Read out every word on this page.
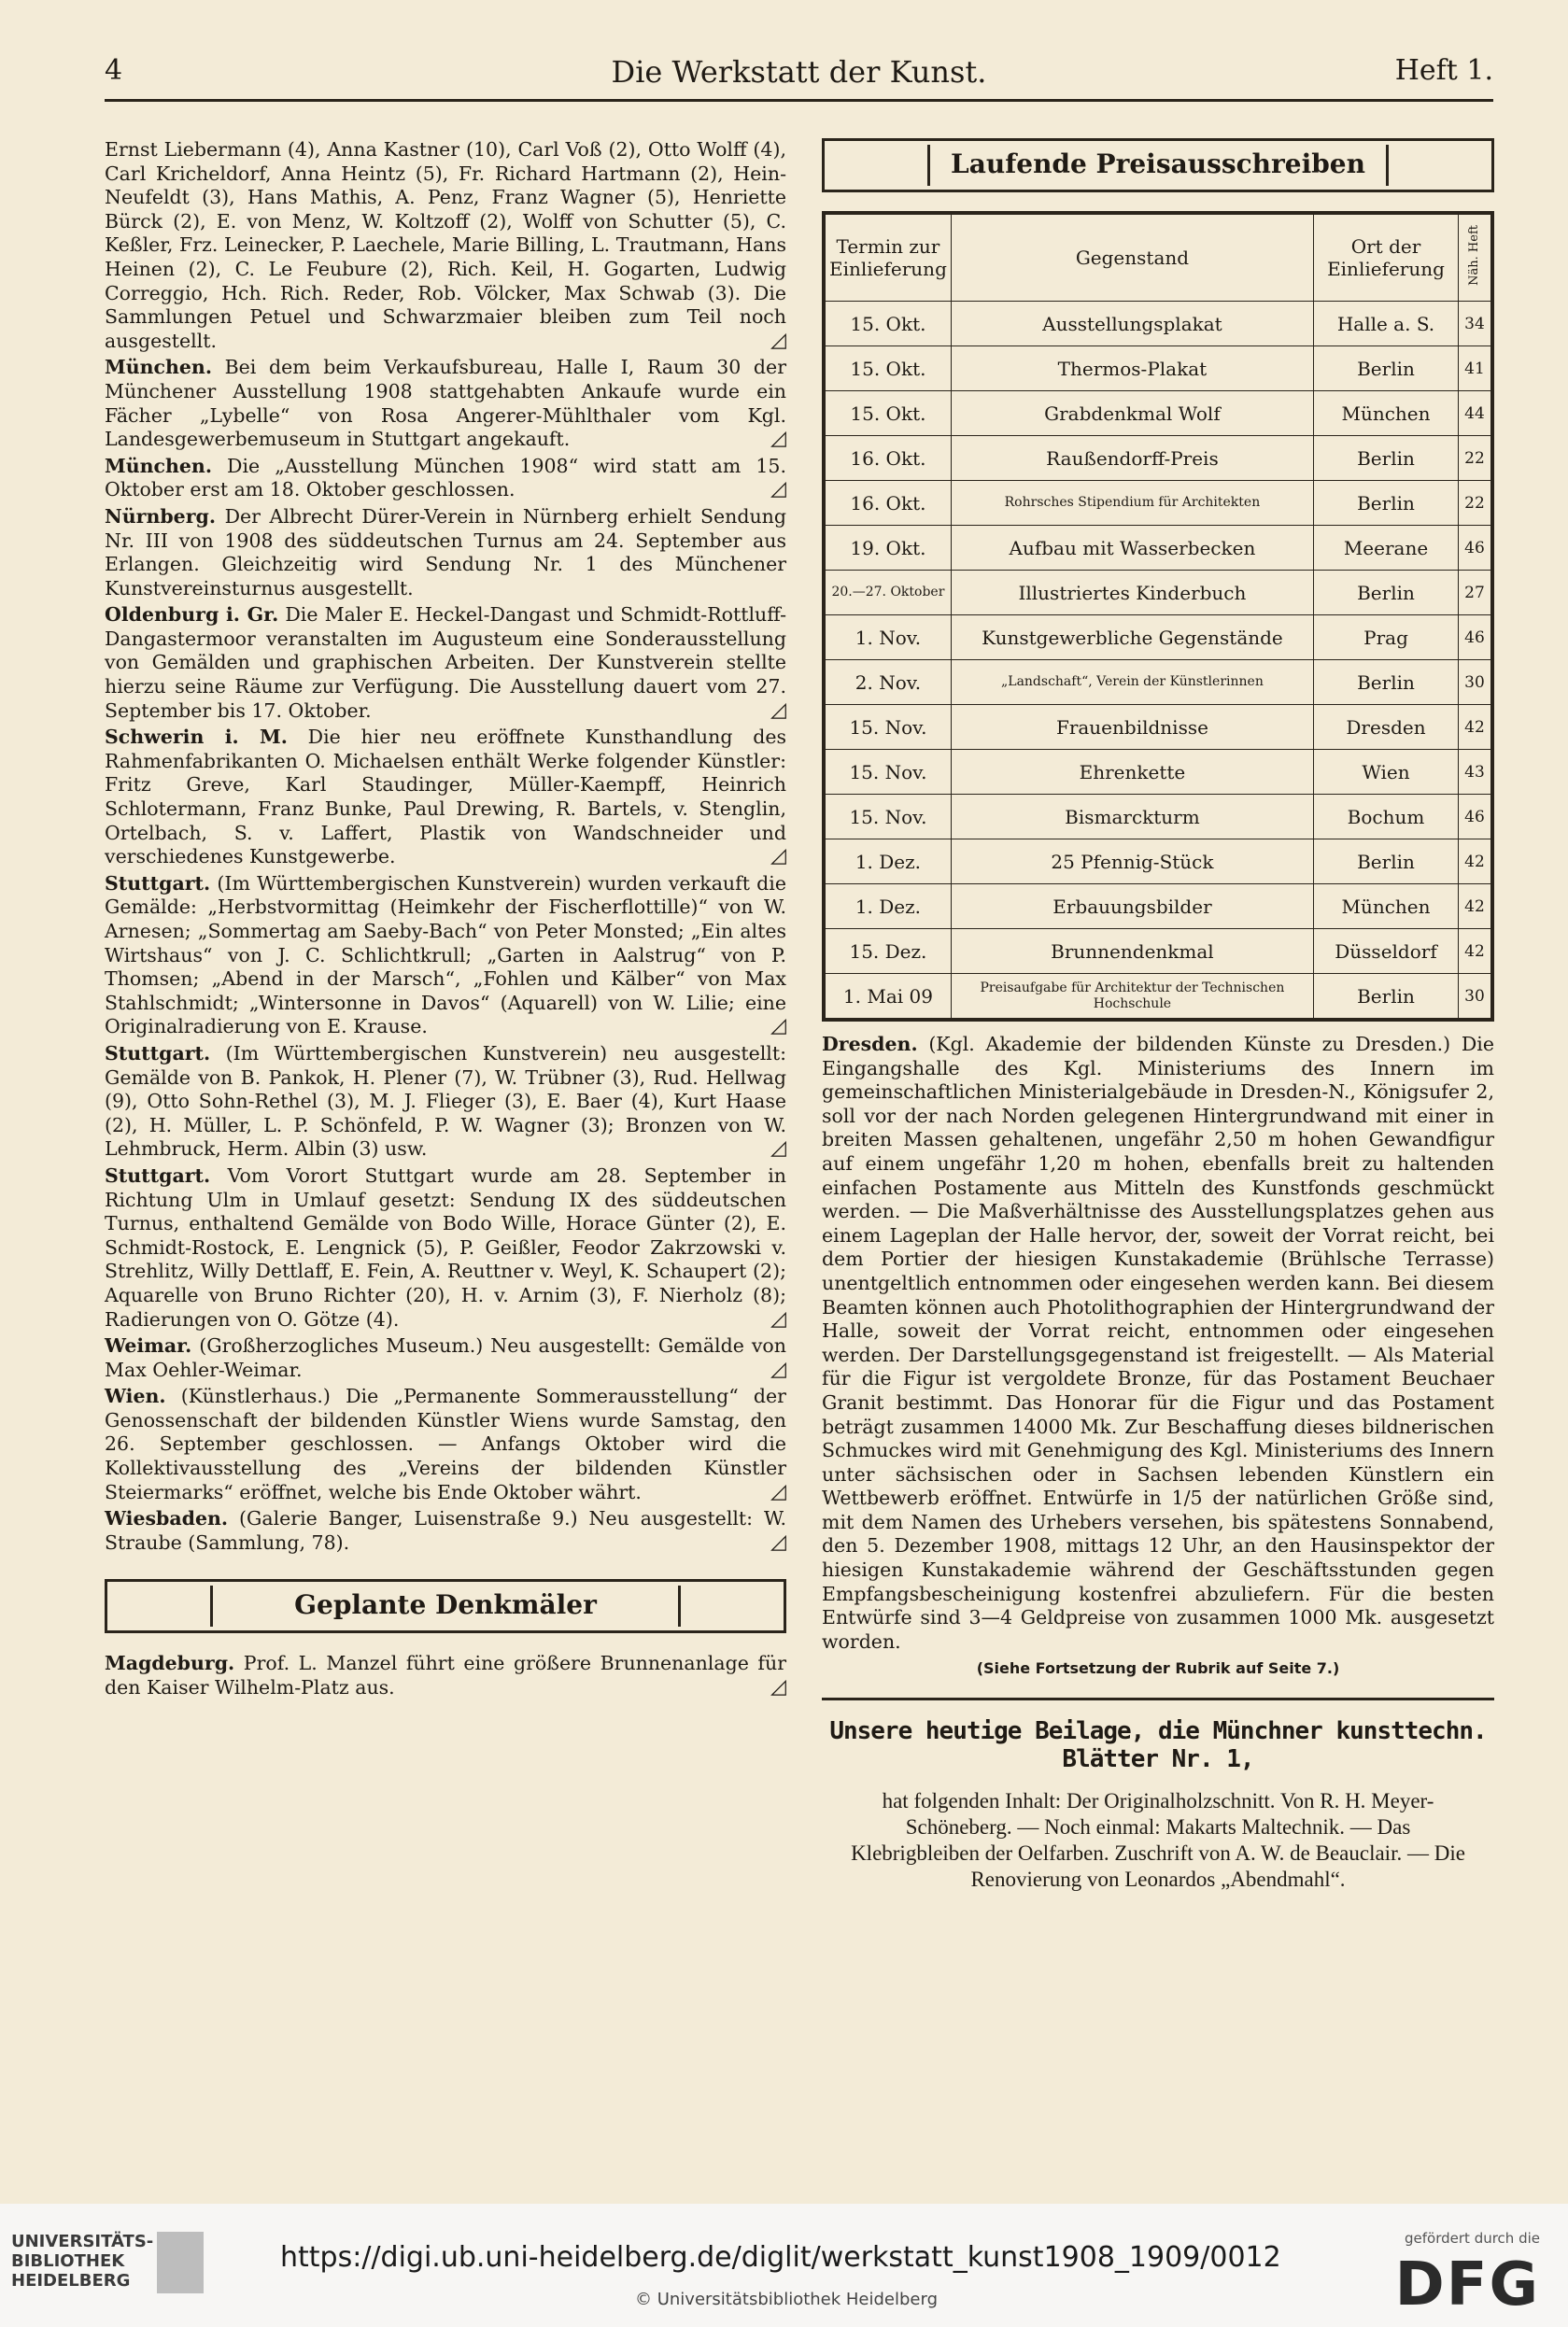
4	Die Werkstatt der Kunst.	Heft 1.

Ernst Liebermann (4), Anna Kastner (10), Carl Voß (2), Otto Wolff (4), Carl Kricheldorf, Anna Heintz (5), Fr. Richard Hartmann (2), Hein-Neufeldt (3), Hans Mathis, A. Penz, Franz Wagner (5), Henriette Bürck (2), E. von Menz, W. Koltzoff (2), Wolff von Schutter (5), C. Keßler, Frz. Leinecker, P. Laechele, Marie Billing, L. Trautmann, Hans Heinen (2), C. Le Feubure (2), Rich. Keil, H. Gogarten, Ludwig Correggio, Hch. Rich. Reder, Rob. Völcker, Max Schwab (3). Die Sammlungen Petuel und Schwarzmaier bleiben zum Teil noch ausgestellt.	◿

München. Bei dem beim Verkaufsbureau, Halle I, Raum 30 der Münchener Ausstellung 1908 stattgehabten Ankaufe wurde ein Fächer „Lybelle“ von Rosa Angerer-Mühlthaler vom Kgl. Landesgewerbemuseum in Stuttgart angekauft.	◿

München. Die „Ausstellung München 1908“ wird statt am 15. Oktober erst am 18. Oktober geschlossen.	◿

Nürnberg. Der Albrecht Dürer-Verein in Nürnberg erhielt Sendung Nr. III von 1908 des süddeutschen Turnus am 24. September aus Erlangen. Gleichzeitig wird Sendung Nr. 1 des Münchener Kunstvereinsturnus ausgestellt.

Oldenburg i. Gr. Die Maler E. Heckel-Dangast und Schmidt-Rottluff-Dangastermoor veranstalten im Augusteum eine Sonderausstellung von Gemälden und graphischen Arbeiten. Der Kunstverein stellte hierzu seine Räume zur Verfügung. Die Ausstellung dauert vom 27. September bis 17. Oktober.	◿

Schwerin i. M. Die hier neu eröffnete Kunsthandlung des Rahmenfabrikanten O. Michaelsen enthält Werke folgender Künstler: Fritz Greve, Karl Staudinger, Müller-Kaempff, Heinrich Schlotermann, Franz Bunke, Paul Drewing, R. Bartels, v. Stenglin, Ortelbach, S. v. Laffert, Plastik von Wandschneider und verschiedenes Kunstgewerbe.	◿

Stuttgart. (Im Württembergischen Kunstverein) wurden verkauft die Gemälde: „Herbstvormittag (Heimkehr der Fischerflottille)“ von W. Arnesen; „Sommertag am Saeby-Bach“ von Peter Monsted; „Ein altes Wirtshaus“ von J. C. Schlichtkrull; „Garten in Aalstrug“ von P. Thomsen; „Abend in der Marsch“, „Fohlen und Kälber“ von Max Stahlschmidt; „Wintersonne in Davos“ (Aquarell) von W. Lilie; eine Originalradierung von E. Krause.	◿

Stuttgart. (Im Württembergischen Kunstverein) neu ausgestellt: Gemälde von B. Pankok, H. Plener (7), W. Trübner (3), Rud. Hellwag (9), Otto Sohn-Rethel (3), M. J. Flieger (3), E. Baer (4), Kurt Haase (2), H. Müller, L. P. Schönfeld, P. W. Wagner (3); Bronzen von W. Lehmbruck, Herm. Albin (3) usw.	◿

Stuttgart. Vom Vorort Stuttgart wurde am 28. September in Richtung Ulm in Umlauf gesetzt: Sendung IX des süddeutschen Turnus, enthaltend Gemälde von Bodo Wille, Horace Günter (2), E. Schmidt-Rostock, E. Lengnick (5), P. Geißler, Feodor Zakrzowski v. Strehlitz, Willy Dettlaff, E. Fein, A. Reuttner v. Weyl, K. Schaupert (2); Aquarelle von Bruno Richter (20), H. v. Arnim (3), F. Nierholz (8); Radierungen von O. Götze (4).	◿

Weimar. (Großherzogliches Museum.) Neu ausgestellt: Gemälde von Max Oehler-Weimar.	◿

Wien. (Künstlerhaus.) Die „Permanente Sommerausstellung“ der Genossenschaft der bildenden Künstler Wiens wurde Samstag, den 26. September geschlossen. — Anfangs Oktober wird die Kollektivausstellung des „Vereins der bildenden Künstler Steiermarks“ eröffnet, welche bis Ende Oktober währt.	◿

Wiesbaden. (Galerie Banger, Luisenstraße 9.) Neu ausgestellt: W. Straube (Sammlung, 78).	◿

Geplante Denkmäler

Magdeburg. Prof. L. Manzel führt eine größere Brunnenanlage für den Kaiser Wilhelm-Platz aus.	◿

Laufende Preisausschreiben
Termin zur Einlieferung	Gegenstand	Ort der Einlieferung	Näh. Heft
15. Okt.	Ausstellungsplakat	Halle a. S.	34
15. Okt.	Thermos-Plakat	Berlin	41
15. Okt.	Grabdenkmal Wolf	München	44
16. Okt.	Raußendorff-Preis	Berlin	22
16. Okt.	Rohrsches Stipendium für Architekten	Berlin	22
19. Okt.	Aufbau mit Wasserbecken	Meerane	46
20.—27. Oktober	Illustriertes Kinderbuch	Berlin	27
1. Nov.	Kunstgewerbliche Gegenstände	Prag	46
2. Nov.	„Landschaft“, Verein der Künstlerinnen	Berlin	30
15. Nov.	Frauenbildnisse	Dresden	42
15. Nov.	Ehrenkette	Wien	43
15. Nov.	Bismarckturm	Bochum	46
1. Dez.	25 Pfennig-Stück	Berlin	42
1. Dez.	Erbauungsbilder	München	42
15. Dez.	Brunnendenkmal	Düsseldorf	42
1. Mai 09	Preisaufgabe für Architektur der Technischen Hochschule	Berlin	30

Dresden. (Kgl. Akademie der bildenden Künste zu Dresden.) Die Eingangshalle des Kgl. Ministeriums des Innern im gemeinschaftlichen Ministerialgebäude in Dresden-N., Königsufer 2, soll vor der nach Norden gelegenen Hintergrundwand mit einer in breiten Massen gehaltenen, ungefähr 2,50 m hohen Gewandfigur auf einem ungefähr 1,20 m hohen, ebenfalls breit zu haltenden einfachen Postamente aus Mitteln des Kunstfonds geschmückt werden. — Die Maßverhältnisse des Ausstellungsplatzes gehen aus einem Lageplan der Halle hervor, der, soweit der Vorrat reicht, bei dem Portier der hiesigen Kunstakademie (Brühlsche Terrasse) unentgeltlich entnommen oder eingesehen werden kann. Bei diesem Beamten können auch Photolithographien der Hintergrundwand der Halle, soweit der Vorrat reicht, entnommen oder eingesehen werden. Der Darstellungsgegenstand ist freigestellt. — Als Material für die Figur ist vergoldete Bronze, für das Postament Beuchaer Granit bestimmt. Das Honorar für die Figur und das Postament beträgt zusammen 14000 Mk. Zur Beschaffung dieses bildnerischen Schmuckes wird mit Genehmigung des Kgl. Ministeriums des Innern unter sächsischen oder in Sachsen lebenden Künstlern ein Wettbewerb eröffnet. Entwürfe in 1/5 der natürlichen Größe sind, mit dem Namen des Urhebers versehen, bis spätestens Sonnabend, den 5. Dezember 1908, mittags 12 Uhr, an den Hausinspektor der hiesigen Kunstakademie während der Geschäftsstunden gegen Empfangsbescheinigung kostenfrei abzuliefern. Für die besten Entwürfe sind 3—4 Geldpreise von zusammen 1000 Mk. ausgesetzt worden.

(Siehe Fortsetzung der Rubrik auf Seite 7.)
Unsere heutige Beilage, die Münchner kunsttechn. Blätter Nr. 1,
hat folgenden Inhalt: Der Originalholzschnitt. Von R. H. Meyer-Schöneberg. — Noch einmal: Makarts Maltechnik. — Das Klebrigbleiben der Oelfarben. Zuschrift von A. W. de Beauclair. — Die Renovierung von Leonardos „Abendmahl“.
UNIVERSITÄTS-
BIBLIOTHEK
HEIDELBERG
https://digi.ub.uni-heidelberg.de/diglit/werkstatt_kunst1908_1909/0012
© Universitätsbibliothek Heidelberg
gefördert durch die
DFG
